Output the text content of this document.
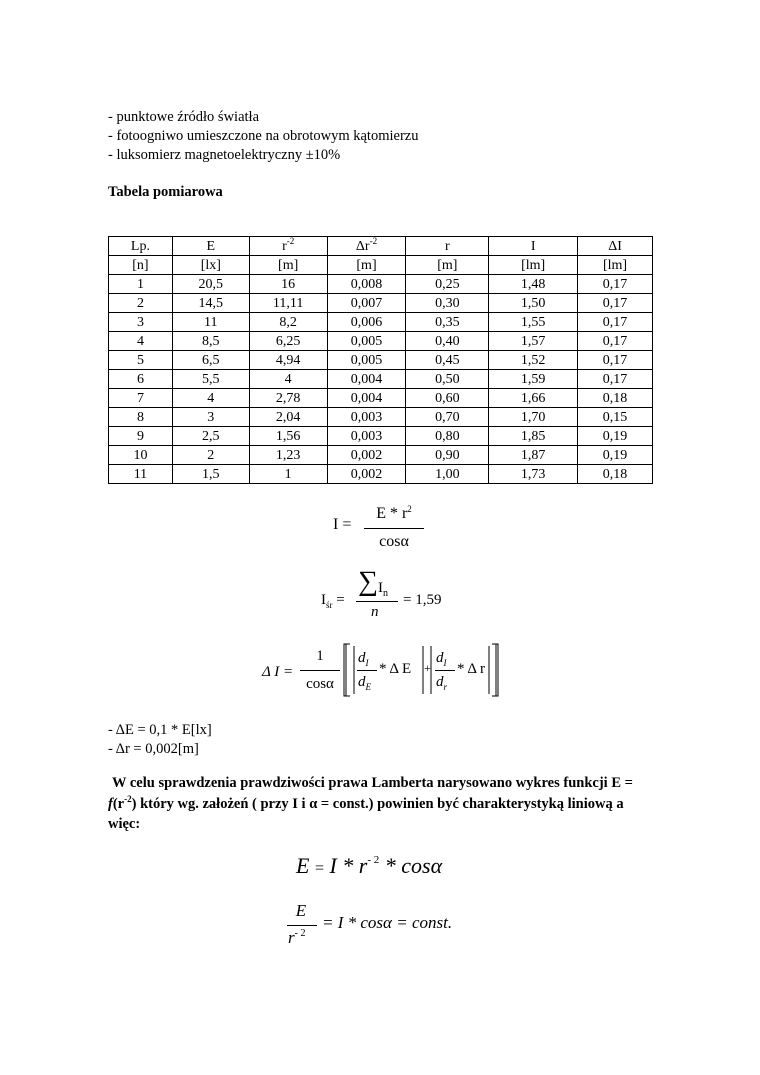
- punktowe źródło światła
- fotoogniwo umieszczone na obrotowym kątomierzu
- luksomierz magnetoelektryczny ±10%
Tabela pomiarowa
Lp.	E	$r^{-2}$	$\Delta r^{-2}$	r	I	ΔI
[n]	[lx]	[m]	[m]	[m]	[lm]	[lm]
1	20,5	16	0,008	0,25	1,48	0,17
2	14,5	11,11	0,007	0,30	1,50	0,17
3	11	8,2	0,006	0,35	1,55	0,17
4	8,5	6,25	0,005	0,40	1,57	0,17
5	6,5	4,94	0,005	0,45	1,52	0,17
6	5,5	4	0,004	0,50	1,59	0,17
7	4	2,78	0,004	0,60	1,66	0,18
8	3	2,04	0,003	0,70	1,70	0,15
9	2,5	1,56	0,003	0,80	1,85	0,19
10	2	1,23	0,002	0,90	1,87	0,19
11	1,5	1	0,002	1,00	1,73	0,18
I =
E * $r^2$
cosα
$I_{śr}$ =
∑ $I_n$
n
= 1,59
Δ I =
1
cosα
$d_I$
$d_E$
* Δ E +
$d_I$
$d_r$
* Δ r
- ΔE = 0,1 * E[lx]
- Δr = 0,002[m]
W celu sprawdzenia prawdziwości prawa Lamberta narysowano wykres funkcji E =
$f(r^{-2})$ który wg. założeń ( przy I i α = const.) powinien być charakterystyką liniową a
więc:
$E = I * r^{- 2} * \cos\alpha$
E
$r^{- 2}$
= I * cosα = const.
